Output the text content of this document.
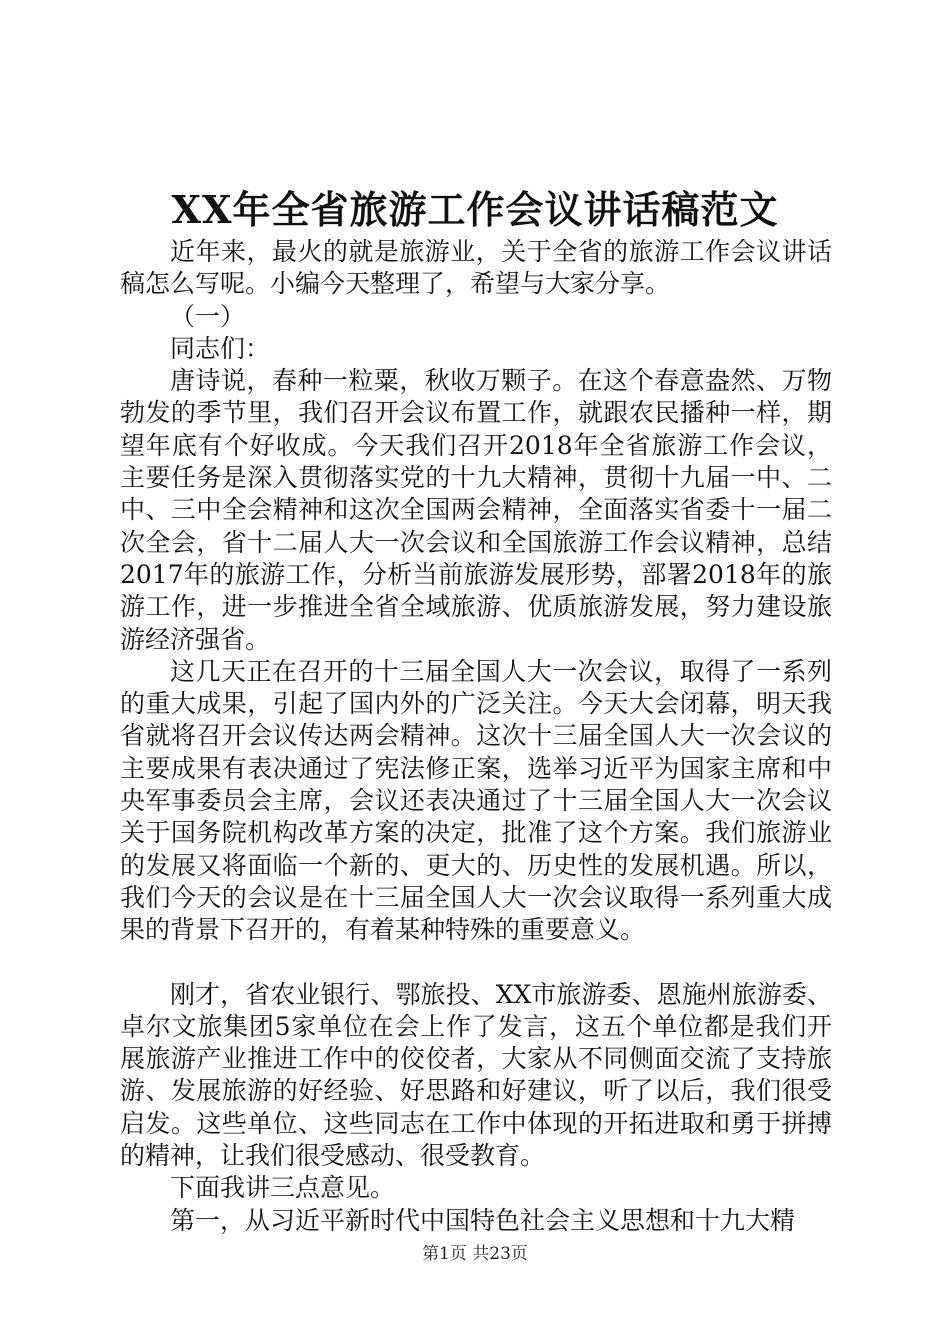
XX年全省旅游工作会议讲话稿范文

近年来，最火的就是旅游业，关于全省的旅游工作会议讲话稿怎么写呢。小编今天整理了，希望与大家分享。

（一）

同志们：

唐诗说，春种一粒粟，秋收万颗子。在这个春意盎然、万物勃发的季节里，我们召开会议布置工作，就跟农民播种一样，期望年底有个好收成。今天我们召开2018年全省旅游工作会议，主要任务是深入贯彻落实党的十九大精神，贯彻十九届一中、二中、三中全会精神和这次全国两会精神，全面落实省委十一届二次全会，省十二届人大一次会议和全国旅游工作会议精神，总结2017年的旅游工作，分析当前旅游发展形势，部署2018年的旅游工作，进一步推进全省全域旅游、优质旅游发展，努力建设旅游经济强省。

这几天正在召开的十三届全国人大一次会议，取得了一系列的重大成果，引起了国内外的广泛关注。今天大会闭幕，明天我省就将召开会议传达两会精神。这次十三届全国人大一次会议的主要成果有表决通过了宪法修正案，选举习近平为国家主席和中央军事委员会主席，会议还表决通过了十三届全国人大一次会议关于国务院机构改革方案的决定，批准了这个方案。我们旅游业的发展又将面临一个新的、更大的、历史性的发展机遇。所以，我们今天的会议是在十三届全国人大一次会议取得一系列重大成果的背景下召开的，有着某种特殊的重要意义。

刚才，省农业银行、鄂旅投、XX市旅游委、恩施州旅游委、卓尔文旅集团5家单位在会上作了发言，这五个单位都是我们开展旅游产业推进工作中的佼佼者，大家从不同侧面交流了支持旅游、发展旅游的好经验、好思路和好建议，听了以后，我们很受启发。这些单位、这些同志在工作中体现的开拓进取和勇于拼搏的精神，让我们很受感动、很受教育。

下面我讲三点意见。

第一，从习近平新时代中国特色社会主义思想和十九大精

第1页 共23页
